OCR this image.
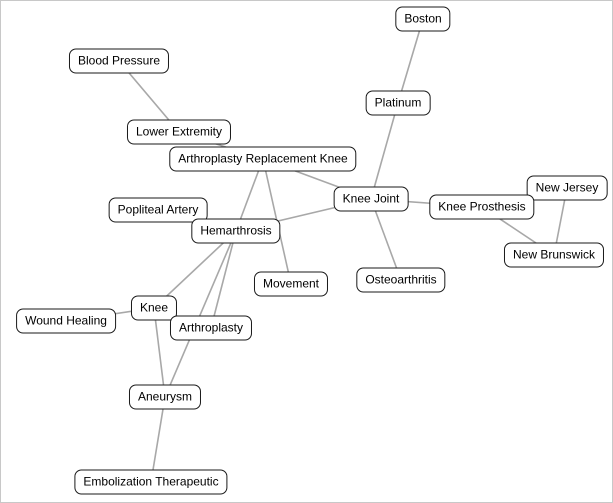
Boston
Blood Pressure
Platinum
Lower Extremity
Arthroplasty Replacement Knee
New Jersey
Knee Joint
Knee Prosthesis
Popliteal Artery
Hemarthrosis
New Brunswick
Movement	Osteoarthritis
Knee
Wound Healing	Arthroplasty
Aneurysm
Embolization Therapeutic
